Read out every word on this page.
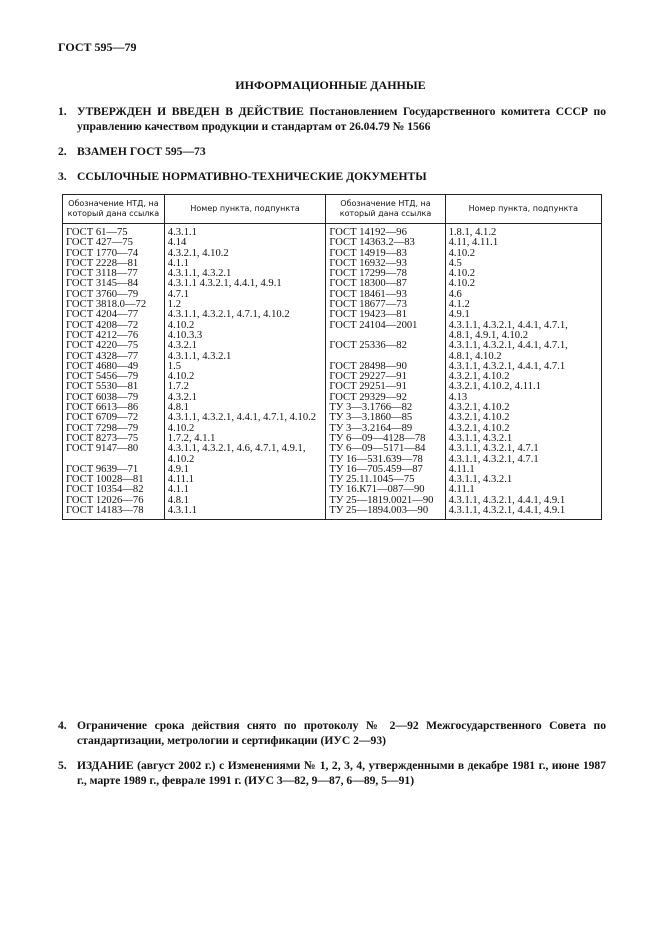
ГОСТ 595—79
ИНФОРМАЦИОННЫЕ ДАННЫЕ
1. УТВЕРЖДЕН И ВВЕДЕН В ДЕЙСТВИЕ Постановлением Государственного комитета СССР по управлению качеством продукции и стандартам от 26.04.79 № 1566
2. ВЗАМЕН ГОСТ 595—73
3. ССЫЛОЧНЫЕ НОРМАТИВНО-ТЕХНИЧЕСКИЕ ДОКУМЕНТЫ
Обозначение НТД, на который дана ссылка	Номер пункта, подпункта	Обозначение НТД, на который дана ссылка	Номер пункта, подпункта
ГОСТ 61—75	4.3.1.1	ГОСТ 14192—96	1.8.1, 4.1.2
ГОСТ 427—75	4.14	ГОСТ 14363.2—83	4.11, 4.11.1
ГОСТ 1770—74	4.3.2.1, 4.10.2	ГОСТ 14919—83	4.10.2
ГОСТ 2228—81	4.1.1	ГОСТ 16932—93	4.5
ГОСТ 3118—77	4.3.1.1, 4.3.2.1	ГОСТ 17299—78	4.10.2
ГОСТ 3145—84	4.3.1.1 4.3.2.1, 4.4.1, 4.9.1	ГОСТ 18300—87	4.10.2
ГОСТ 3760—79	4.7.1	ГОСТ 18461—93	4.6
ГОСТ 3818.0—72	1.2	ГОСТ 18677—73	4.1.2
ГОСТ 4204—77	4.3.1.1, 4.3.2.1, 4.7.1, 4.10.2	ГОСТ 19423—81	4.9.1
ГОСТ 4208—72	4.10.2	ГОСТ 24104—2001	4.3.1.1, 4.3.2.1, 4.4.1, 4.7.1,
ГОСТ 4212—76	4.10.3.3		4.8.1, 4.9.1, 4.10.2
ГОСТ 4220—75	4.3.2.1	ГОСТ 25336—82	4.3.1.1, 4.3.2.1, 4.4.1, 4.7.1,
ГОСТ 4328—77	4.3.1.1, 4.3.2.1		4.8.1, 4.10.2
ГОСТ 4680—49	1.5	ГОСТ 28498—90	4.3.1.1, 4.3.2.1, 4.4.1, 4.7.1
ГОСТ 5456—79	4.10.2	ГОСТ 29227—91	4.3.2.1, 4.10.2
ГОСТ 5530—81	1.7.2	ГОСТ 29251—91	4.3.2.1, 4.10.2, 4.11.1
ГОСТ 6038—79	4.3.2.1	ГОСТ 29329—92	4.13
ГОСТ 6613—86	4.8.1	ТУ 3—3.1766—82	4.3.2.1, 4.10.2
ГОСТ 6709—72	4.3.1.1, 4.3.2.1, 4.4.1, 4.7.1, 4.10.2	ТУ 3—3.1860—85	4.3.2.1, 4.10.2
ГОСТ 7298—79	4.10.2	ТУ 3—3.2164—89	4.3.2.1, 4.10.2
ГОСТ 8273—75	1.7.2, 4.1.1	ТУ 6—09—4128—78	4.3.1.1, 4.3.2.1
ГОСТ 9147—80	4.3.1.1, 4.3.2.1, 4.6, 4.7.1, 4.9.1,	ТУ 6—09—5171—84	4.3.1.1, 4.3.2.1, 4.7.1
	4.10.2	ТУ 16—531.639—78	4.3.1.1, 4.3.2.1, 4.7.1
ГОСТ 9639—71	4.9.1	ТУ 16—705.459—87	4.11.1
ГОСТ 10028—81	4.11.1	ТУ 25.11.1045—75	4.3.1.1, 4.3.2.1
ГОСТ 10354—82	4.1.1	ТУ 16.К71—087—90	4.11.1
ГОСТ 12026—76	4.8.1	ТУ 25—1819.0021—90	4.3.1.1, 4.3.2.1, 4.4.1, 4.9.1
ГОСТ 14183—78	4.3.1.1	ТУ 25—1894.003—90	4.3.1.1, 4.3.2.1, 4.4.1, 4.9.1
4. Ограничение срока действия снято по протоколу № 2—92 Межгосударственного Совета по стандартизации, метрологии и сертификации (ИУС 2—93)
5. ИЗДАНИЕ (август 2002 г.) с Изменениями № 1, 2, 3, 4, утвержденными в декабре 1981 г., июне 1987 г., марте 1989 г., феврале 1991 г. (ИУС 3—82, 9—87, 6—89, 5—91)
